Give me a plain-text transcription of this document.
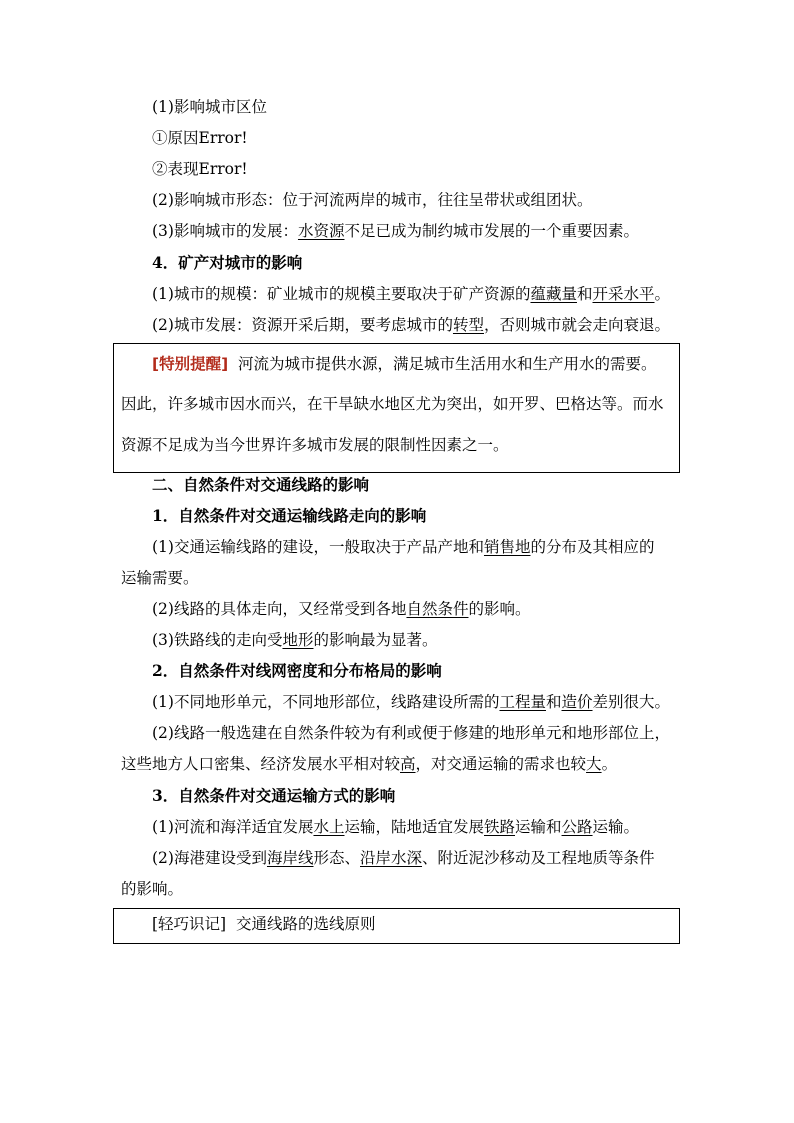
(1)影响城市区位
①原因Error!
②表现Error!
(2)影响城市形态：位于河流两岸的城市，往往呈带状或组团状。
(3)影响城市的发展：水资源不足已成为制约城市发展的一个重要因素。
4．矿产对城市的影响
(1)城市的规模：矿业城市的规模主要取决于矿产资源的蕴藏量和开采水平。
(2)城市发展：资源开采后期，要考虑城市的转型，否则城市就会走向衰退。
[特别提醒] 河流为城市提供水源，满足城市生活用水和生产用水的需要。
因此，许多城市因水而兴，在干旱缺水地区尤为突出，如开罗、巴格达等。而水
资源不足成为当今世界许多城市发展的限制性因素之一。
二、自然条件对交通线路的影响
1．自然条件对交通运输线路走向的影响
(1)交通运输线路的建设，一般取决于产品产地和销售地的分布及其相应的
运输需要。
(2)线路的具体走向，又经常受到各地自然条件的影响。
(3)铁路线的走向受地形的影响最为显著。
2．自然条件对线网密度和分布格局的影响
(1)不同地形单元，不同地形部位，线路建设所需的工程量和造价差别很大。
(2)线路一般选建在自然条件较为有利或便于修建的地形单元和地形部位上，
这些地方人口密集、经济发展水平相对较高，对交通运输的需求也较大。
3．自然条件对交通运输方式的影响
(1)河流和海洋适宜发展水上运输，陆地适宜发展铁路运输和公路运输。
(2)海港建设受到海岸线形态、沿岸水深、附近泥沙移动及工程地质等条件
的影响。
[轻巧识记] 交通线路的选线原则
